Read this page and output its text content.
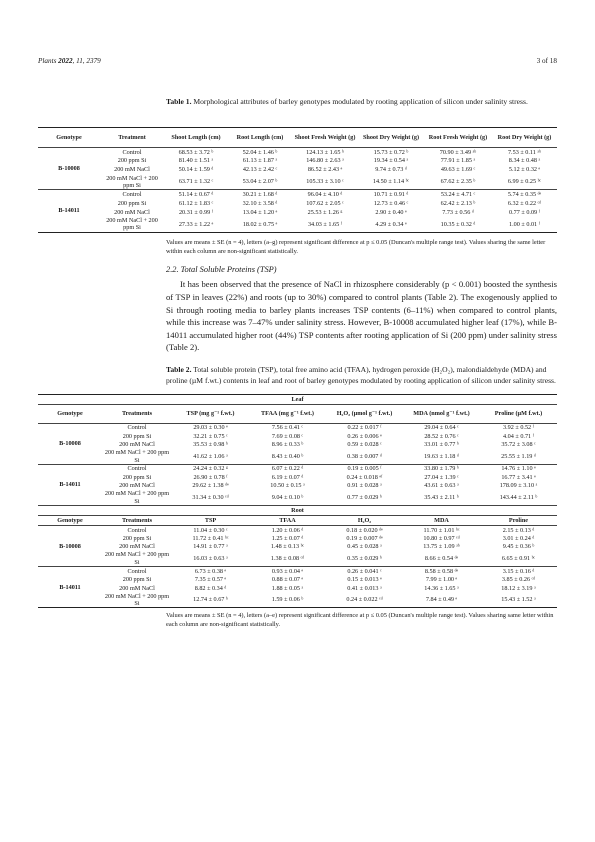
Plants 2022, 11, 2379	3 of 18
Table 1. Morphological attributes of barley genotypes modulated by rooting application of silicon under salinity stress.
Genotype	Treatment	Shoot Length (cm)	Root Length (cm)	Shoot Fresh Weight (g)	Shoot Dry Weight (g)	Root Fresh Weight (g)	Root Dry Weight (g)
B-10008	Control	68.53 ± 3.72 ᵇ	52.04 ± 1.46 ᵇ	124.13 ± 1.65 ᵇ	15.73 ± 0.72 ᵇ	70.90 ± 3.49 ᵃᵇ	7.53 ± 0.11 ᵃᵇ
	200 ppm Si	81.40 ± 1.51 ᵃ	61.13 ± 1.87 ᵃ	146.80 ± 2.63 ᵃ	19.34 ± 0.54 ᵃ	77.91 ± 1.85 ᵃ	8.34 ± 0.48 ᵃ
	200 mM NaCl	50.14 ± 1.59 ᵈ	42.13 ± 2.42 ᶜ	86.52 ± 2.43 ᵉ	9.74 ± 0.73 ᵈ	49.63 ± 1.69 ᶜ	5.12 ± 0.32 ᵉ
	200 mM NaCl + 200 ppm Si	63.71 ± 1.32 ᶜ	53.04 ± 2.07 ᵇ	105.33 ± 3.10 ᶜ	14.50 ± 1.14 ᵇᶜ	67.62 ± 2.35 ᵇ	6.99 ± 0.25 ᵇᶜ
B-14011	Control	51.14 ± 0.67 ᵈ	30.21 ± 1.68 ᵈ	96.04 ± 4.10 ᵈ	10.71 ± 0.91 ᵈ	53.24 ± 4.71 ᶜ	5.74 ± 0.35 ᵈᵉ
	200 ppm Si	61.12 ± 1.83 ᶜ	32.10 ± 3.58 ᵈ	107.62 ± 2.05 ᶜ	12.73 ± 0.46 ᶜ	62.42 ± 2.13 ᵇ	6.32 ± 0.22 ᶜᵈ
	200 mM NaCl	20.31 ± 0.99 ᶠ	13.04 ± 1.20 ᵉ	25.53 ± 1.26 ᵍ	2.90 ± 0.40 ᵉ	7.73 ± 0.56 ᵈ	0.77 ± 0.09 ᶠ
	200 mM NaCl + 200 ppm Si	27.33 ± 1.22 ᵉ	18.02 ± 0.75 ᵉ	34.03 ± 1.65 ᶠ	4.29 ± 0.34 ᵉ	10.35 ± 0.32 ᵈ	1.00 ± 0.01 ᶠ
Values are means ± SE (n = 4), letters (a–g) represent significant difference at p ≤ 0.05 (Duncan's multiple range test). Values sharing the same letter within each column are non-significant statistically.
2.2. Total Soluble Proteins (TSP)
It has been observed that the presence of NaCl in rhizosphere considerably (p < 0.001) boosted the synthesis of TSP in leaves (22%) and roots (up to 30%) compared to control plants (Table 2). The exogenously applied to Si through rooting media to barley plants increases TSP contents (6–11%) when compared to control plants, while this increase was 7–47% under salinity stress. However, B-10008 accumulated higher leaf (17%), while B-14011 accumulated higher root (44%) TSP contents after rooting application of Si (200 ppm) under salinity stress (Table 2).
Table 2. Total soluble protein (TSP), total free amino acid (TFAA), hydrogen peroxide (H₂O₂), malondialdehyde (MDA) and proline (µM f.wt.) contents in leaf and root of barley genotypes modulated by rooting application of silicon under salinity stress.
Leaf						
Genotype	Treatments	TSP (mg g⁻¹ f.wt.)	TFAA (mg g⁻¹ f.wt.)	H₂O₂ (µmol g⁻¹ f.wt.)	MDA (nmol g⁻¹ f.wt.)	Proline (µM f.wt.)
B-10008	Control	29.03 ± 0.30 ᵉ	7.56 ± 0.41 ᶜ	0.22 ± 0.017 ᶠ	29.04 ± 0.64 ᶜ	3.92 ± 0.52 ᶠ
	200 ppm Si	32.21 ± 0.75 ᶜ	7.69 ± 0.08 ᶜ	0.26 ± 0.006 ᵉ	28.52 ± 0.76 ᶜ	4.04 ± 0.71 ᶠ
	200 mM NaCl	35.53 ± 0.98 ᵇ	8.96 ± 0.33 ᵇ	0.59 ± 0.028 ᶜ	33.01 ± 0.77 ᵇ	35.72 ± 3.08 ᶜ
	200 mM NaCl + 200 ppm Si	41.62 ± 1.06 ᵃ	8.43 ± 0.40 ᵇ	0.38 ± 0.007 ᵈ	19.63 ± 1.18 ᵈ	25.55 ± 1.19 ᵈ
B-14011	Control	24.24 ± 0.32 ᵍ	6.07 ± 0.22 ᵈ	0.19 ± 0.005 ᶠ	33.80 ± 1.79 ᵇ	14.76 ± 1.10 ᵉ
	200 ppm Si	26.90 ± 0.78 ᶠ	6.19 ± 0.07 ᵈ	0.24 ± 0.018 ᵉᶠ	27.04 ± 1.39 ᶜ	16.77 ± 3.41 ᵉ
	200 mM NaCl	29.62 ± 1.38 ᵈᵉ	10.50 ± 0.15 ᵃ	0.91 ± 0.028 ᵃ	43.61 ± 0.63 ᵃ	178.09 ± 3.10 ᵃ
	200 mM NaCl + 200 ppm Si	31.34 ± 0.30 ᶜᵈ	9.04 ± 0.10 ᵇ	0.77 ± 0.029 ᵇ	35.43 ± 2.11 ᵇ	143.44 ± 2.11 ᵇ
Root						
Genotype	Treatments	TSP	TFAA	H₂O₂	MDA	Proline
B-10008	Control	11.04 ± 0.30 ᶜ	1.20 ± 0.06 ᵈ	0.18 ± 0.020 ᵈᵉ	11.70 ± 1.01 ᵇᶜ	2.15 ± 0.13 ᵈ
	200 ppm Si	11.72 ± 0.41 ᵇᶜ	1.25 ± 0.07 ᵈ	0.19 ± 0.007 ᵈᵉ	10.80 ± 0.97 ᶜᵈ	3.01 ± 0.24 ᵈ
	200 mM NaCl	14.91 ± 0.77 ᵃ	1.48 ± 0.13 ᵇᶜ	0.45 ± 0.028 ᵃ	13.75 ± 1.09 ᵃᵇ	9.45 ± 0.36 ᵇ
	200 mM NaCl + 200 ppm Si	16.03 ± 0.63 ᵃ	1.38 ± 0.08 ᶜᵈ	0.35 ± 0.029 ᵇ	8.66 ± 0.54 ᵈᵉ	6.65 ± 0.91 ᵇᶜ
B-14011	Control	6.73 ± 0.38 ᵉ	0.93 ± 0.04 ᵉ	0.26 ± 0.041 ᶜ	8.58 ± 0.58 ᵈᵉ	3.15 ± 0.16 ᵈ
	200 ppm Si	7.35 ± 0.57 ᵉ	0.88 ± 0.07 ᵉ	0.15 ± 0.013 ᵉ	7.99 ± 1.00 ᵉ	3.85 ± 0.26 ᶜᵈ
	200 mM NaCl	8.82 ± 0.34 ᵈ	1.88 ± 0.05 ᵃ	0.41 ± 0.013 ᵃ	14.36 ± 1.65 ᵃ	18.12 ± 3.19 ᵃ
	200 mM NaCl + 200 ppm Si	12.74 ± 0.67 ᵇ	1.59 ± 0.06 ᵇ	0.24 ± 0.022 ᶜᵈ	7.84 ± 0.49 ᵉ	15.43 ± 1.52 ᵃ
Values are means ± SE (n = 4), letters (a–e) represent significant difference at p ≤ 0.05 (Duncan's multiple range test). Values sharing same letter within each column are non-significant statistically.
